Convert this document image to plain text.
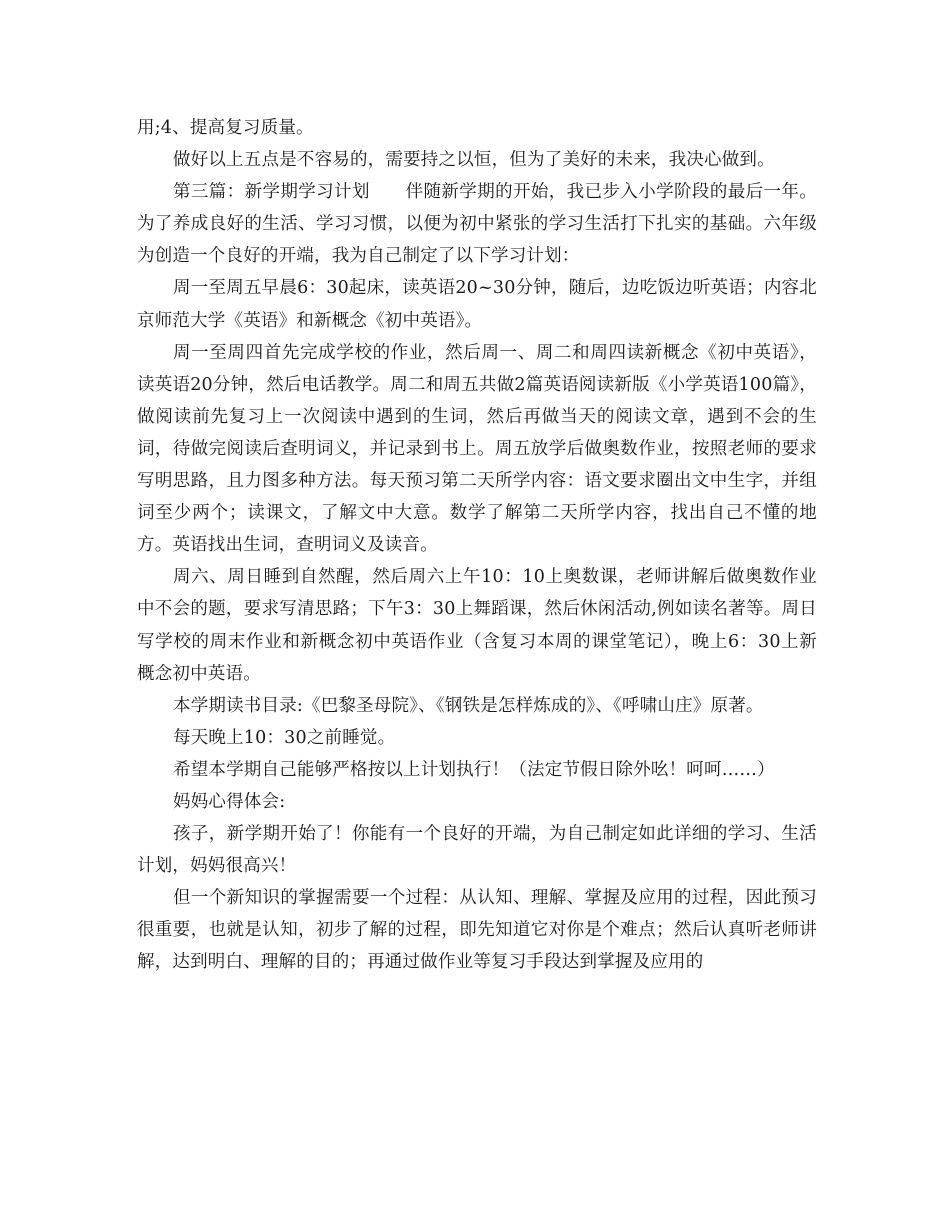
用;4、提高复习质量。

做好以上五点是不容易的，需要持之以恒，但为了美好的未来，我决心做到。

第三篇：新学期学习计划　　伴随新学期的开始，我已步入小学阶段的最后一年。为了养成良好的生活、学习习惯，以便为初中紧张的学习生活打下扎实的基础。六年级为创造一个良好的开端，我为自己制定了以下学习计划：

周一至周五早晨6：30起床，读英语20~30分钟，随后，边吃饭边听英语；内容北京师范大学《英语》和新概念《初中英语》。

周一至周四首先完成学校的作业，然后周一、周二和周四读新概念《初中英语》，读英语20分钟，然后电话教学。周二和周五共做2篇英语阅读新版《小学英语100篇》，做阅读前先复习上一次阅读中遇到的生词，然后再做当天的阅读文章，遇到不会的生词，待做完阅读后查明词义，并记录到书上。周五放学后做奥数作业，按照老师的要求写明思路，且力图多种方法。每天预习第二天所学内容：语文要求圈出文中生字，并组词至少两个；读课文，了解文中大意。数学了解第二天所学内容，找出自己不懂的地方。英语找出生词，查明词义及读音。

周六、周日睡到自然醒，然后周六上午10：10上奥数课，老师讲解后做奥数作业中不会的题，要求写清思路；下午3：30上舞蹈课，然后休闲活动,例如读名著等。周日写学校的周末作业和新概念初中英语作业（含复习本周的课堂笔记），晚上6：30上新概念初中英语。

本学期读书目录:《巴黎圣母院》、《钢铁是怎样炼成的》、《呼啸山庄》原著。

每天晚上10：30之前睡觉。

希望本学期自己能够严格按以上计划执行！（法定节假日除外吆！呵呵……）

妈妈心得体会:

孩子，新学期开始了！你能有一个良好的开端，为自己制定如此详细的学习、生活计划，妈妈很高兴！

但一个新知识的掌握需要一个过程：从认知、理解、掌握及应用的过程，因此预习很重要，也就是认知，初步了解的过程，即先知道它对你是个难点；然后认真听老师讲解，达到明白、理解的目的；再通过做作业等复习手段达到掌握及应用的
